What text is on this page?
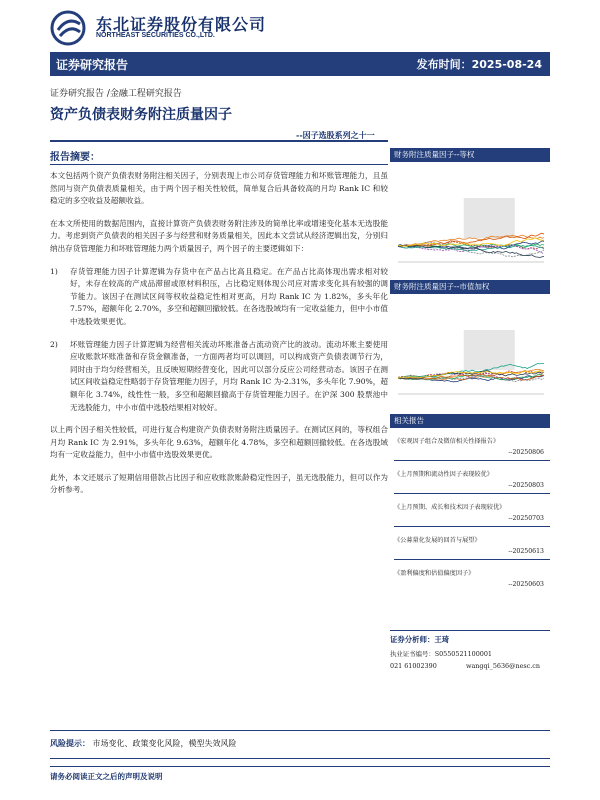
东北证券股份有限公司
NORTHEAST SECURITIES CO.,LTD.
证券研究报告	发布时间：2025-08-24
证券研究报告 /金融工程研究报告
资产负债表财务附注质量因子
--因子选股系列之十一
报告摘要：

本文包括两个资产负债表财务附注相关因子，分别表现上市公司存货管理能力和坏账管理能力，且虽然同与资产负债表质量相关，由于两个因子相关性较低，简单复合后具备较高的月均 Rank IC 和较稳定的多空收益及超额收益。

在本文所使用的数据范围内，直接计算资产负债表财务附注涉及的简单比率或增速变化基本无选股能力。考虑到资产负债表的相关因子多与经营和财务质量相关，因此本文尝试从经济逻辑出发，分别归纳出存货管理能力和坏账管理能力两个质量因子，两个因子的主要逻辑如下：

1) 存货管理能力因子计算逻辑为存货中在产品占比高且稳定。在产品占比高体现出需求相对较好，未存在较高的产成品滞留或原材料积压，占比稳定则体现公司应对需求变化具有较强的调节能力。该因子在测试区间等权收益稳定性相对更高，月均 Rank IC 为 1.82%，多头年化 7.57%，超额年化 2.70%，多空和超额回撤较低。在各选股域均有一定收益能力，但中小市值中选股效果更优。
2) 坏账管理能力因子计算逻辑为经营相关流动坏账准备占流动资产比的波动。流动坏账主要使用应收账款坏账准备和存货金额准备，一方面两者均可以调回，可以构成资产负债表调节行为，同时由于均匀经营相关，且反映短期经营变化，因此可以部分反应公司经营动态。该因子在测试区间收益稳定性略弱于存货管理能力因子，月均 Rank IC 为-2.31%，多头年化 7.90%，超额年化 3.74%，线性性一般，多空和超额回撤高于存货管理能力因子。在沪深 300 股票池中无选股能力，中小市值中选股结果相对较好。

以上两个因子相关性较低，可进行复合构建资产负债表财务附注质量因子。在测试区间的，等权组合月均 Rank IC 为 2.91%，多头年化 9.63%，超额年化 4.78%，多空和超额回撤较低。在各选股域均有一定收益能力，但中小市值中选股效果更优。

此外，本文还展示了短期信用借款占比因子和应收账款账龄稳定性因子，虽无选股能力，但可以作为分析参考。

财务附注质量因子--等权
财务附注质量因子--市值加权
相关报告
《宏观因子组合及微信相关性择报告》
--20250806
《上月预期和流动性因子表现较优》
--20250803
《上月预期、成长和技术因子表现较优》
--20250703
《公募量化发展的回首与展望》
--20250613
《盈利偏度和估值偏度因子》
--20250603
证券分析师：王琦
执业证书编号：S0550521100001
021 61002390	wangqi_5636@nesc.cn
风险提示： 市场变化、政策变化风险，模型失效风险
请务必阅读正文之后的声明及说明
